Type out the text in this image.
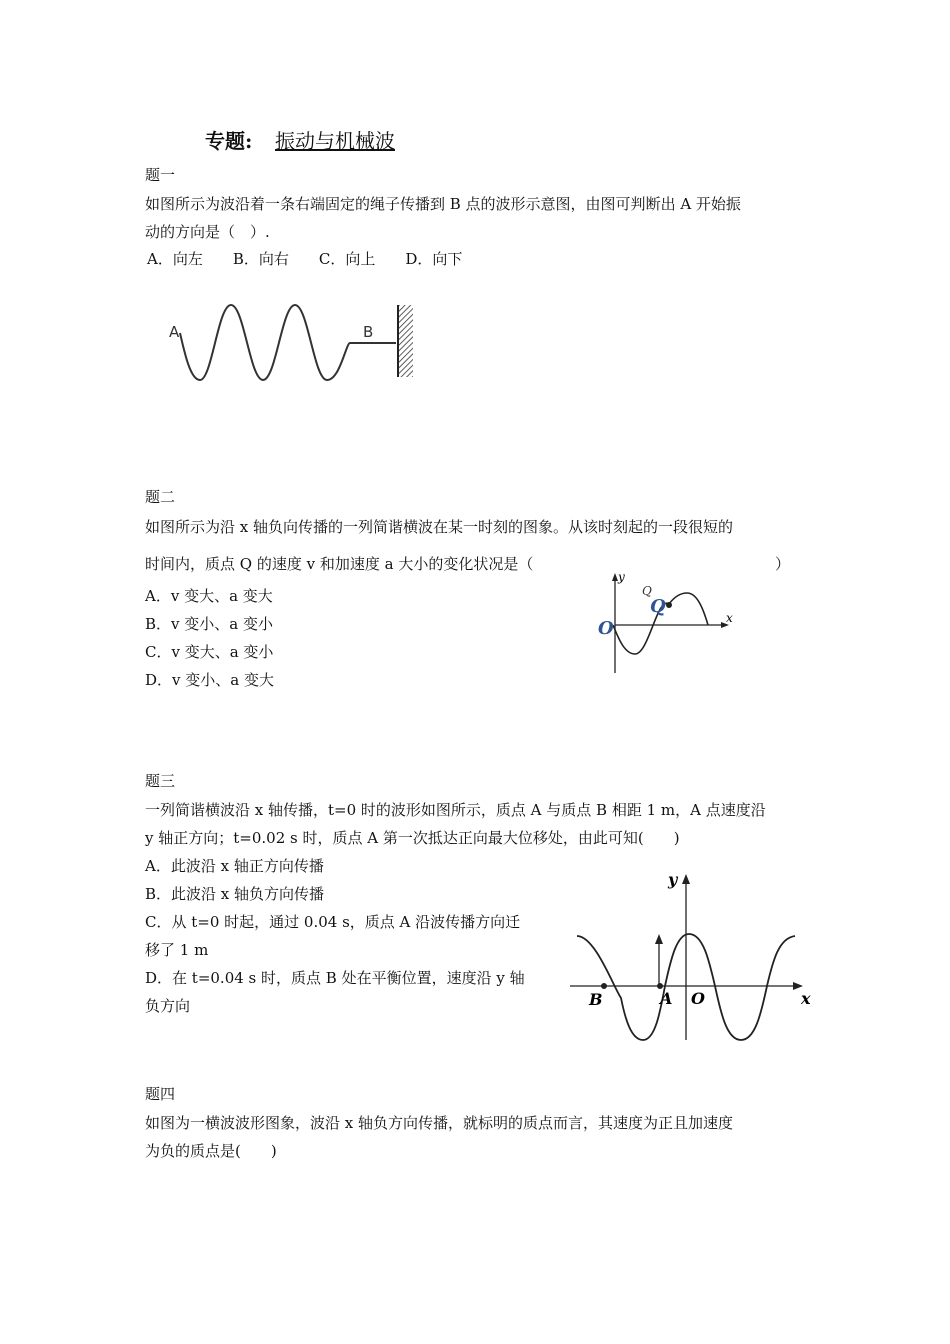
专题: 振动与机械波
题一
如图所示为波沿着一条右端固定的绳子传播到 B 点的波形示意图，由图可判断出 A 开始振
动的方向是（　）.
A．向左　　B．向右　　C．向上　　D．向下
A	B
题二
如图所示为沿 x 轴负向传播的一列简谐横波在某一时刻的图象。从该时刻起的一段很短的
时间内，质点 Q 的速度 v 和加速度 a 大小的变化状况是（	）
A．v 变大、a 变大
B．v 变小、a 变小
C．v 变大、a 变小
D．v 变小、a 变大
y
x
Q
Q
O
题三
一列简谐横波沿 x 轴传播，t=0 时的波形如图所示，质点 A 与质点 B 相距 1 m，A 点速度沿
y 轴正方向；t=0.02 s 时，质点 A 第一次抵达正向最大位移处，由此可知(　　)
A．此波沿 x 轴正方向传播
B．此波沿 x 轴负方向传播
C．从 t=0 时起，通过 0.04 s，质点 A 沿波传播方向迁
移了 1 m
D．在 t=0.04 s 时，质点 B 处在平衡位置，速度沿 y 轴
负方向
y
x
B	A O
题四
如图为一横波波形图象，波沿 x 轴负方向传播，就标明的质点而言，其速度为正且加速度
为负的质点是(　　)
